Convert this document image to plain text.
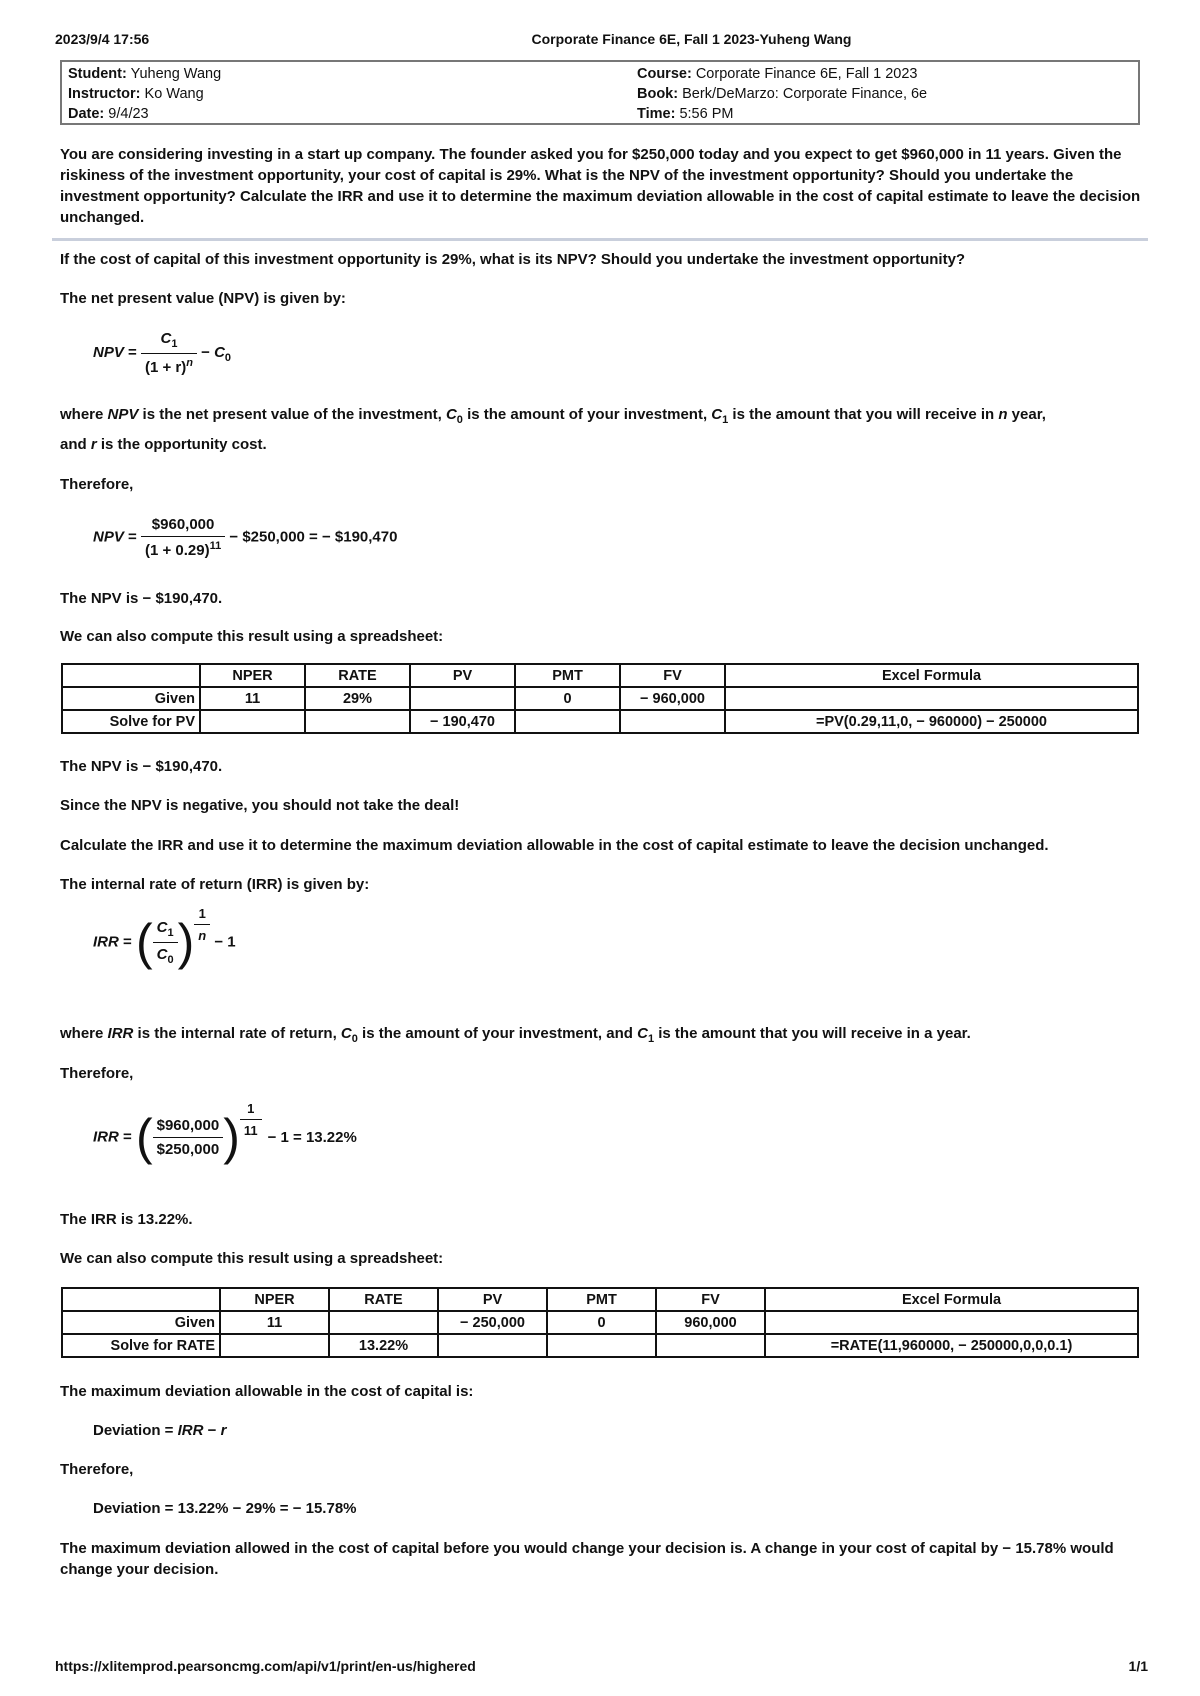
2023/9/4 17:56	Corporate Finance 6E, Fall 1 2023-Yuheng Wang
Student: Yuheng Wang
Instructor: Ko Wang
Date: 9/4/23
Course: Corporate Finance 6E, Fall 1 2023
Book: Berk/DeMarzo: Corporate Finance, 6e
Time: 5:56 PM
You are considering investing in a start up company. The founder asked you for $250,000 today and you expect to get $960,000 in 11 years. Given the riskiness of the investment opportunity, your cost of capital is 29%. What is the NPV of the investment opportunity? Should you undertake the investment opportunity? Calculate the IRR and use it to determine the maximum deviation allowable in the cost of capital estimate to leave the decision unchanged.
If the cost of capital of this investment opportunity is 29%, what is its NPV? Should you undertake the investment opportunity?
The net present value (NPV) is given by:
NPV = $\frac{C_1}{(1 + r)^n} - C_0$
where NPV is the net present value of the investment, $C_0$ is the amount of your investment, $C_1$ is the amount that you will receive in n year,
and r is the opportunity cost.
Therefore,
NPV = $\frac{\$960,000}{(1 + 0.29)^{11}}$ − $250,000 = − $190,470
The NPV is − $190,470.
We can also compute this result using a spreadsheet:
	NPER	RATE	PV	PMT	FV	Excel Formula
Given	11	29%		0	− 960,000	
Solve for PV			− 190,470			=PV(0.29,11,0, − 960000) − 250000
The NPV is − $190,470.
Since the NPV is negative, you should not take the deal!
Calculate the IRR and use it to determine the maximum deviation allowable in the cost of capital estimate to leave the decision unchanged.
The internal rate of return (IRR) is given by:
IRR = ( $\frac{C_1}{C_0}$ ) $\frac{1}{n} - 1$
where IRR is the internal rate of return, $C_0$ is the amount of your investment, and $C_1$ is the amount that you will receive in a year.
Therefore,
IRR = ( $\frac{\$960,000}{\$250,000}$ ) $\frac{1}{11} - 1 = 13.22\%$
The IRR is 13.22%.
We can also compute this result using a spreadsheet:
	NPER	RATE	PV	PMT	FV	Excel Formula
Given	11		− 250,000	0	960,000	
Solve for RATE		13.22%				=RATE(11,960000, − 250000,0,0,0.1)
The maximum deviation allowable in the cost of capital is:
Deviation = IRR − r
Therefore,
Deviation = 13.22% − 29% = − 15.78%
The maximum deviation allowed in the cost of capital before you would change your decision is. A change in your cost of capital by − 15.78% would change your decision.
https://xlitemprod.pearsoncmg.com/api/v1/print/en-us/highered	1/1
